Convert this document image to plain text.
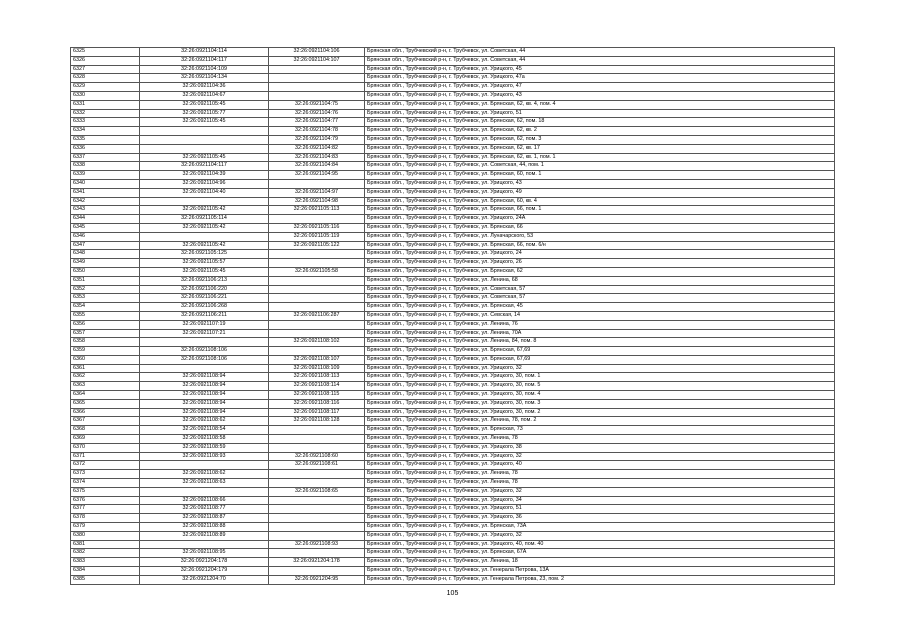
6325	32:26:0921104:114	32:26:0921104:106	Брянская обл., Трубчевский р-н, г. Трубчевск, ул. Советская, 44
6326	32:26:0921104:117	32:26:0921104:107	Брянская обл., Трубчевский р-н, г. Трубчевск, ул. Советская, 44
6327	32:26:0921104:109		Брянская обл., Трубчевский р-н, г. Трубчевск, ул. Урицкого, 45
6328	32:26:0921104:134		Брянская обл., Трубчевский р-н, г. Трубчевск, ул. Урицкого, 47а
6329	32:26:0921104:36		Брянская обл., Трубчевский р-н, г. Трубчевск, ул. Урицкого, 47
6330	32:26:0921104:67		Брянская обл., Трубчевский р-н, г. Трубчевск, ул. Урицкого, 43
6331	32:26:0921105:45	32:26:0921104:75	Брянская обл., Трубчевский р-н, г. Трубчевск, ул. Брянская, 62, кв. 4, пом. 4
6332	32:26:0921105:77	32:26:0921104:76	Брянская обл., Трубчевский р-н, г. Трубчевск, ул. Урицкого, 51
6333	32:26:0921105:45	32:26:0921104:77	Брянская обл., Трубчевский р-н, г. Трубчевск, ул. Брянская, 62, пом. 18
6334		32:26:0921104:78	Брянская обл., Трубчевский р-н, г. Трубчевск, ул. Брянская, 62, кв. 2
6335		32:26:0921104:79	Брянская обл., Трубчевский р-н, г. Трубчевск, ул. Брянская, 62, пом. 3
6336		32:26:0921104:82	Брянская обл., Трубчевский р-н, г. Трубчевск, ул. Брянская, 62, кв. 17
6337	32:26:0921105:45	32:26:0921104:83	Брянская обл., Трубчевский р-н, г. Трубчевск, ул. Брянская, 62, кв. 1, пом. 1
6338	32:26:0921104:117	32:26:0921104:84	Брянская обл., Трубчевский р-н, г. Трубчевск, ул. Советская, 44, пом. 1
6339	32:26:0921104:39	32:26:0921104:95	Брянская обл., Трубчевский р-н, г. Трубчевск, ул. Брянская, 60, пом. 1
6340	32:26:0921104:96		Брянская обл., Трубчевский р-н, г. Трубчевск, ул. Урицкого, 43
6341	32:26:0921104:40	32:26:0921104:97	Брянская обл., Трубчевский р-н, г. Трубчевск, ул. Урицкого, 49
6342		32:26:0921104:98	Брянская обл., Трубчевский р-н, г. Трубчевск, ул. Брянская, 60, кв. 4
6343	32:26:0921105:42	32:26:0921105:113	Брянская обл., Трубчевский р-н, г. Трубчевск, ул. Брянская, 66, пом. 1
6344	32:26:0921105:114		Брянская обл., Трубчевский р-н, г. Трубчевск, ул. Урицкого, 24А
6345	32:26:0921105:42	32:26:0921105:116	Брянская обл., Трубчевский р-н, г. Трубчевск, ул. Брянская, 66
6346		32:26:0921105:119	Брянская обл., Трубчевский р-н, г. Трубчевск, ул. Луначарского, 53
6347	32:26:0921105:42	32:26:0921105:122	Брянская обл., Трубчевский р-н, г. Трубчевск, ул. Брянская, 66, пом. 6/н
6348	32:26:0921105:125		Брянская обл., Трубчевский р-н, г. Трубчевск, ул. Урицкого, 24
6349	32:26:0921105:57		Брянская обл., Трубчевский р-н, г. Трубчевск, ул. Урицкого, 26
6350	32:26:0921105:45	32:26:0921105:58	Брянская обл., Трубчевский р-н, г. Трубчевск, ул. Брянская, 62
6351	32:26:0921106:213		Брянская обл., Трубчевский р-н, г. Трубчевск, ул. Ленина, 68
6352	32:26:0921106:220		Брянская обл., Трубчевский р-н, г. Трубчевск, ул. Советская, 57
6353	32:26:0921106:221		Брянская обл., Трубчевский р-н, г. Трубчевск, ул. Советская, 57
6354	32:26:0921106:268		Брянская обл., Трубчевский р-н, г. Трубчевск, ул. Брянская, 45
6355	32:26:0921106:211	32:26:0921106:287	Брянская обл., Трубчевский р-н, г. Трубчевск, ул. Севская, 14
6356	32:26:0921107:19		Брянская обл., Трубчевский р-н, г. Трубчевск, ул. Ленина, 76
6357	32:26:0921107:21		Брянская обл., Трубчевский р-н, г. Трубчевск, ул. Ленина, 70А
6358		32:26:0921108:102	Брянская обл., Трубчевский р-н, г. Трубчевск, ул. Ленина, 84, пом. 8
6359	32:26:0921108:106		Брянская обл., Трубчевский р-н, г. Трубчевск, ул. Брянская, 67,69
6360	32:26:0921108:106	32:26:0921108:107	Брянская обл., Трубчевский р-н, г. Трубчевск, ул. Брянская, 67,69
6361		32:26:0921108:109	Брянская обл., Трубчевский р-н, г. Трубчевск, ул. Урицкого, 32
6362	32:26:0921108:94	32:26:0921108:113	Брянская обл., Трубчевский р-н, г. Трубчевск, ул. Урицкого, 30, пом. 1
6363	32:26:0921108:94	32:26:0921108:114	Брянская обл., Трубчевский р-н, г. Трубчевск, ул. Урицкого, 30, пом. 5
6364	32:26:0921108:94	32:26:0921108:115	Брянская обл., Трубчевский р-н, г. Трубчевск, ул. Урицкого, 30, пом. 4
6365	32:26:0921108:94	32:26:0921108:116	Брянская обл., Трубчевский р-н, г. Трубчевск, ул. Урицкого, 30, пом. 3
6366	32:26:0921108:94	32:26:0921108:117	Брянская обл., Трубчевский р-н, г. Трубчевск, ул. Урицкого, 30, пом. 2
6367	32:26:0921108:62	32:26:0921108:128	Брянская обл., Трубчевский р-н, г. Трубчевск, ул. Ленина, 78, пом. 2
6368	32:26:0921108:54		Брянская обл., Трубчевский р-н, г. Трубчевск, ул. Брянская, 73
6369	32:26:0921108:58		Брянская обл., Трубчевский р-н, г. Трубчевск, ул. Ленина, 78
6370	32:26:0921108:59		Брянская обл., Трубчевский р-н, г. Трубчевск, ул. Урицкого, 38
6371	32:26:0921108:93	32:26:0921108:60	Брянская обл., Трубчевский р-н, г. Трубчевск, ул. Урицкого, 32
6372		32:26:0921108:61	Брянская обл., Трубчевский р-н, г. Трубчевск, ул. Урицкого, 40
6373	32:26:0921108:62		Брянская обл., Трубчевский р-н, г. Трубчевск, ул. Ленина, 78
6374	32:26:0921108:63		Брянская обл., Трубчевский р-н, г. Трубчевск, ул. Ленина, 78
6375		32:26:0921108:65	Брянская обл., Трубчевский р-н, г. Трубчевск, ул. Урицкого, 32
6376	32:26:0921108:66		Брянская обл., Трубчевский р-н, г. Трубчевск, ул. Урицкого, 34
6377	32:26:0921108:77		Брянская обл., Трубчевский р-н, г. Трубчевск, ул. Урицкого, 51
6378	32:26:0921108:87		Брянская обл., Трубчевский р-н, г. Трубчевск, ул. Урицкого, 36
6379	32:26:0921108:88		Брянская обл., Трубчевский р-н, г. Трубчевск, ул. Брянская, 73А
6380	32:26:0921108:89		Брянская обл., Трубчевский р-н, г. Трубчевск, ул. Урицкого, 32
6381		32:26:0921108:93	Брянская обл., Трубчевский р-н, г. Трубчевск, ул. Урицкого, 40, пом. 40
6382	32:26:0921108:95		Брянская обл., Трубчевский р-н, г. Трубчевск, ул. Брянская, 67А
6383	32:26:0921204:178	32:26:0921204:178	Брянская обл., Трубчевский р-н, г. Трубчевск, ул. Ленина, 18
6384	32:26:0921204:179		Брянская обл., Трубчевский р-н, г. Трубчевск, ул. Генерала Петрова, 13А
6385	32:26:0921204:70	32:26:0921204:95	Брянская обл., Трубчевский р-н, г. Трубчевск, ул. Генерала Петрова, 23, пом. 2
105
